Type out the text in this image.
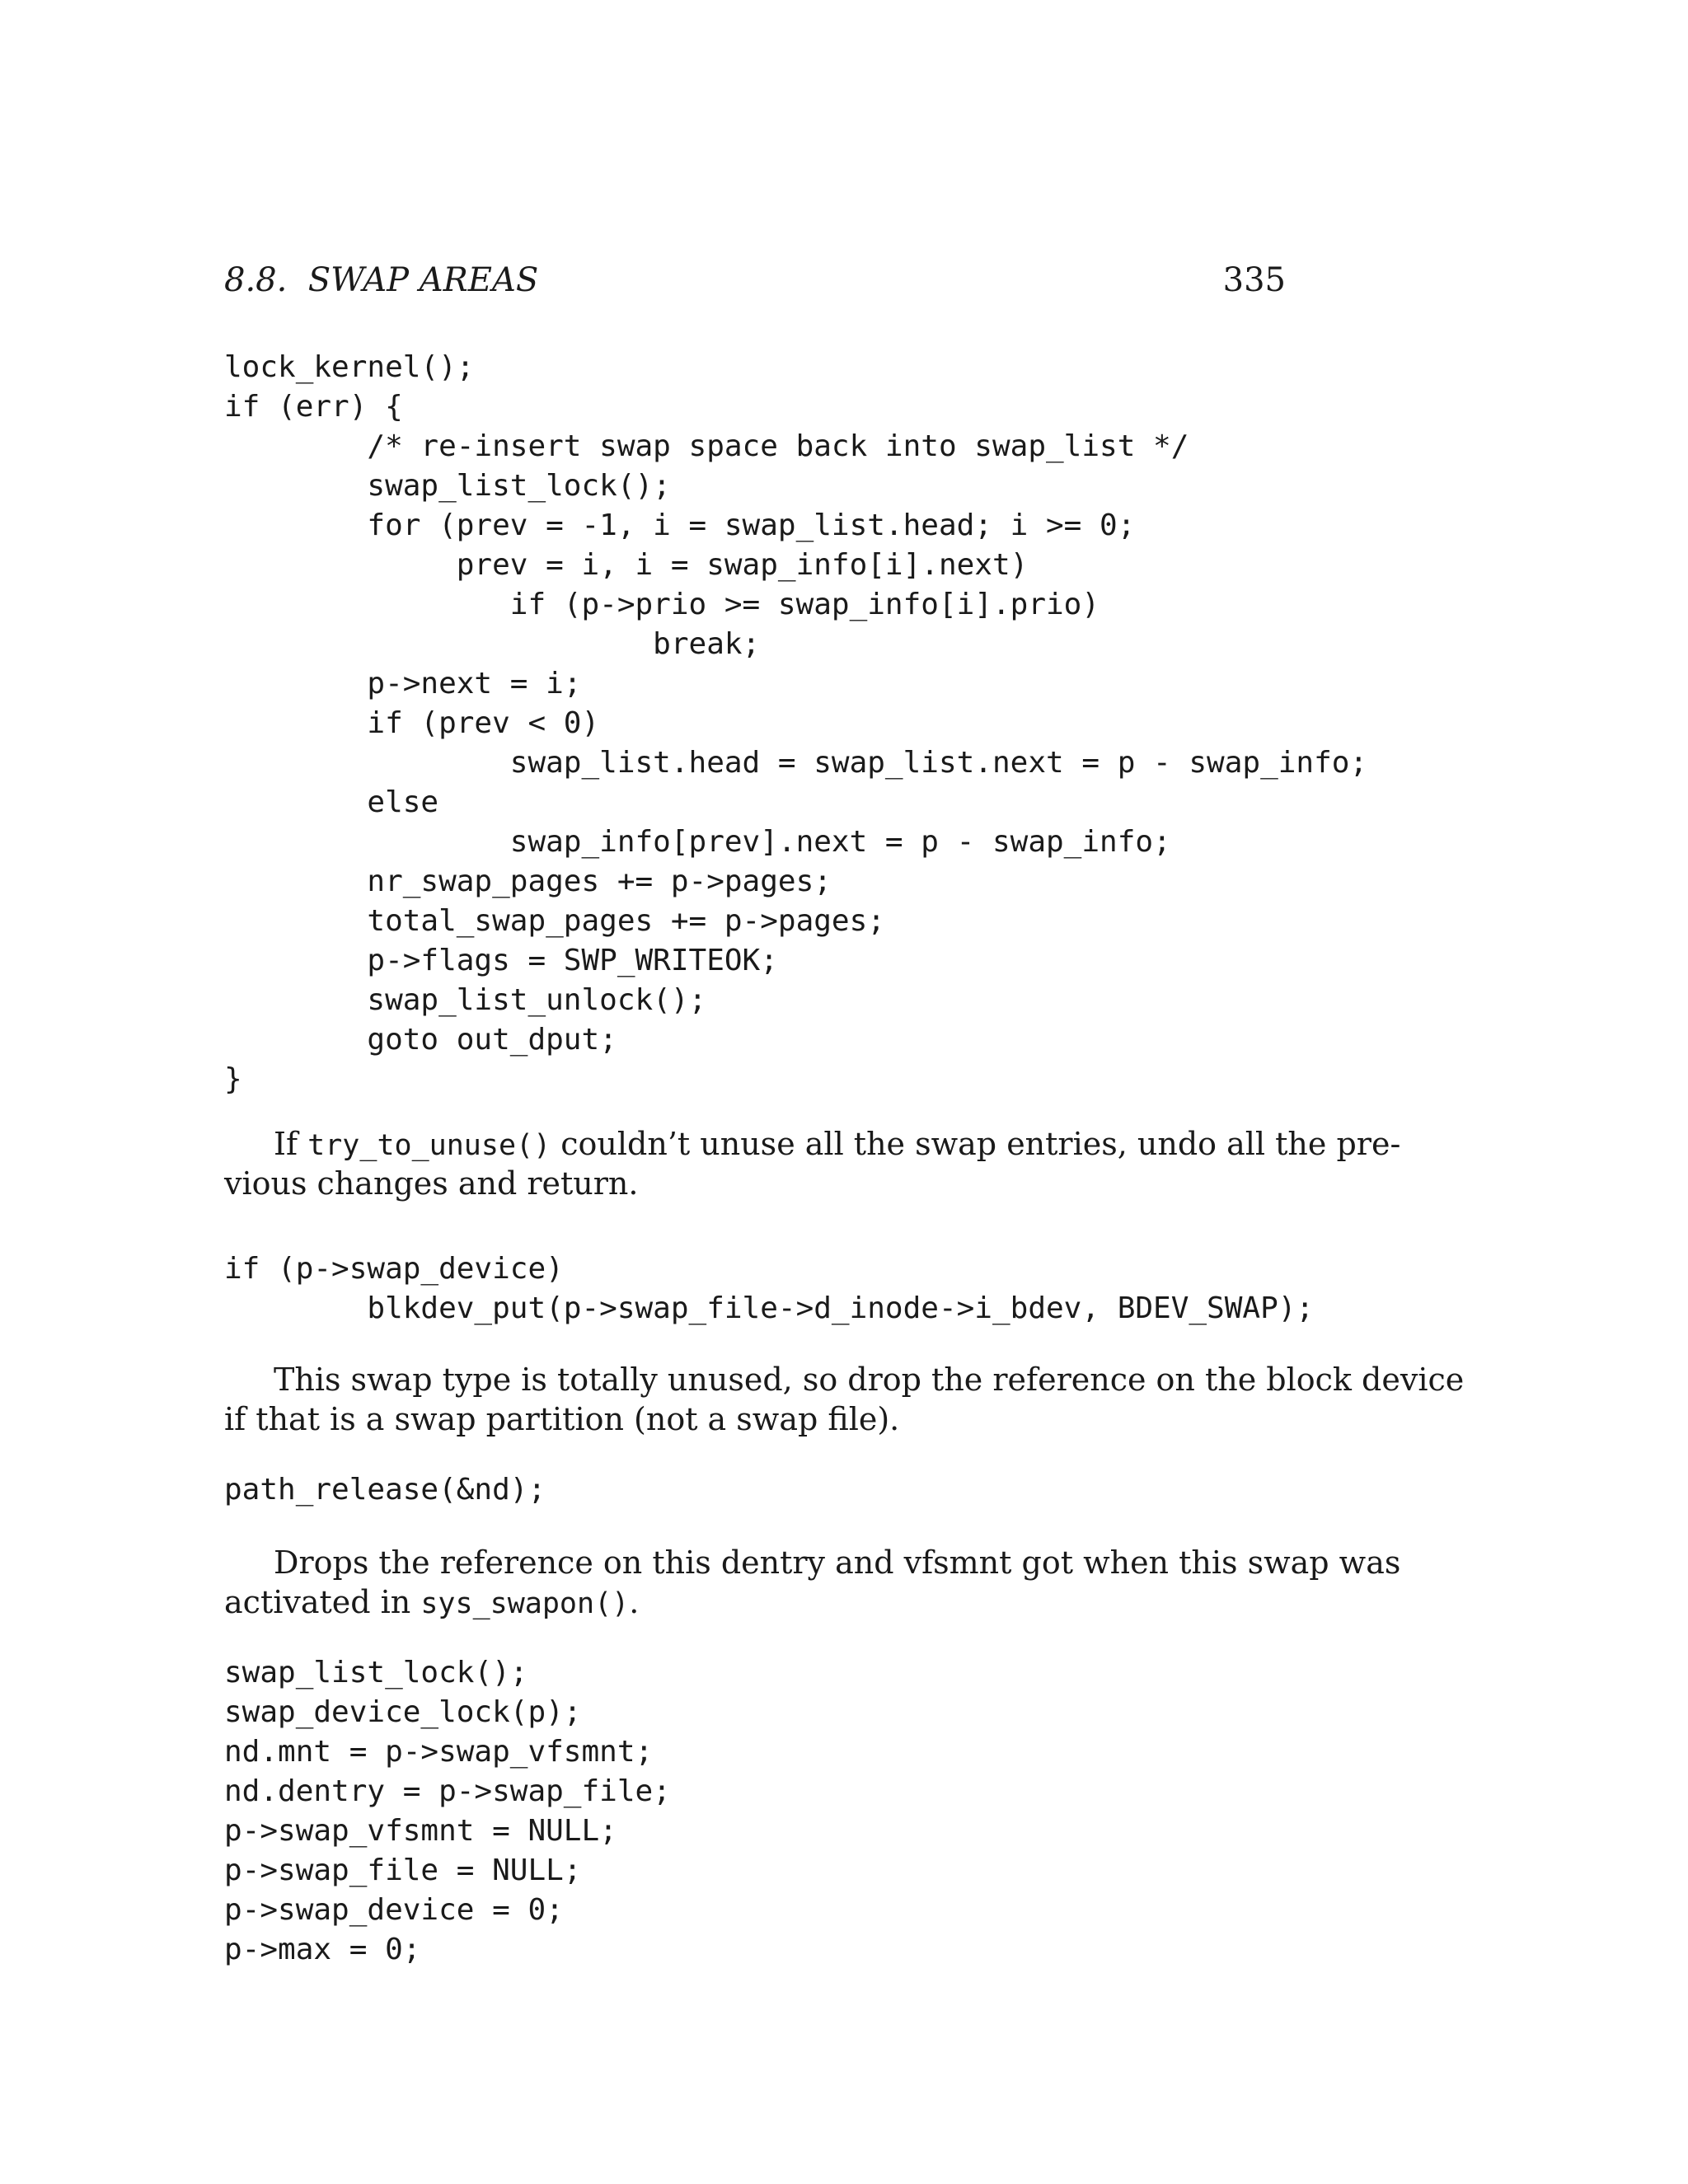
8.8.  SWAP AREAS	335
lock_kernel();
if (err) {
/* re-insert swap space back into swap_list */
swap_list_lock();
for (prev = -1, i = swap_list.head; i >= 0;
prev = i, i = swap_info[i].next)
if (p->prio >= swap_info[i].prio)
break;
p->next = i;
if (prev < 0)
swap_list.head = swap_list.next = p - swap_info;
else
swap_info[prev].next = p - swap_info;
nr_swap_pages += p->pages;
total_swap_pages += p->pages;
p->flags = SWP_WRITEOK;
swap_list_unlock();
goto out_dput;
}
If try_to_unuse() couldn’t unuse all the swap entries, undo all the pre-
vious changes and return.
if (p->swap_device)
blkdev_put(p->swap_file->d_inode->i_bdev, BDEV_SWAP);
This swap type is totally unused, so drop the reference on the block device
if that is a swap partition (not a swap file).
path_release(&nd);
Drops the reference on this dentry and vfsmnt got when this swap was
activated in sys_swapon().
swap_list_lock();
swap_device_lock(p);
nd.mnt = p->swap_vfsmnt;
nd.dentry = p->swap_file;
p->swap_vfsmnt = NULL;
p->swap_file = NULL;
p->swap_device = 0;
p->max = 0;
